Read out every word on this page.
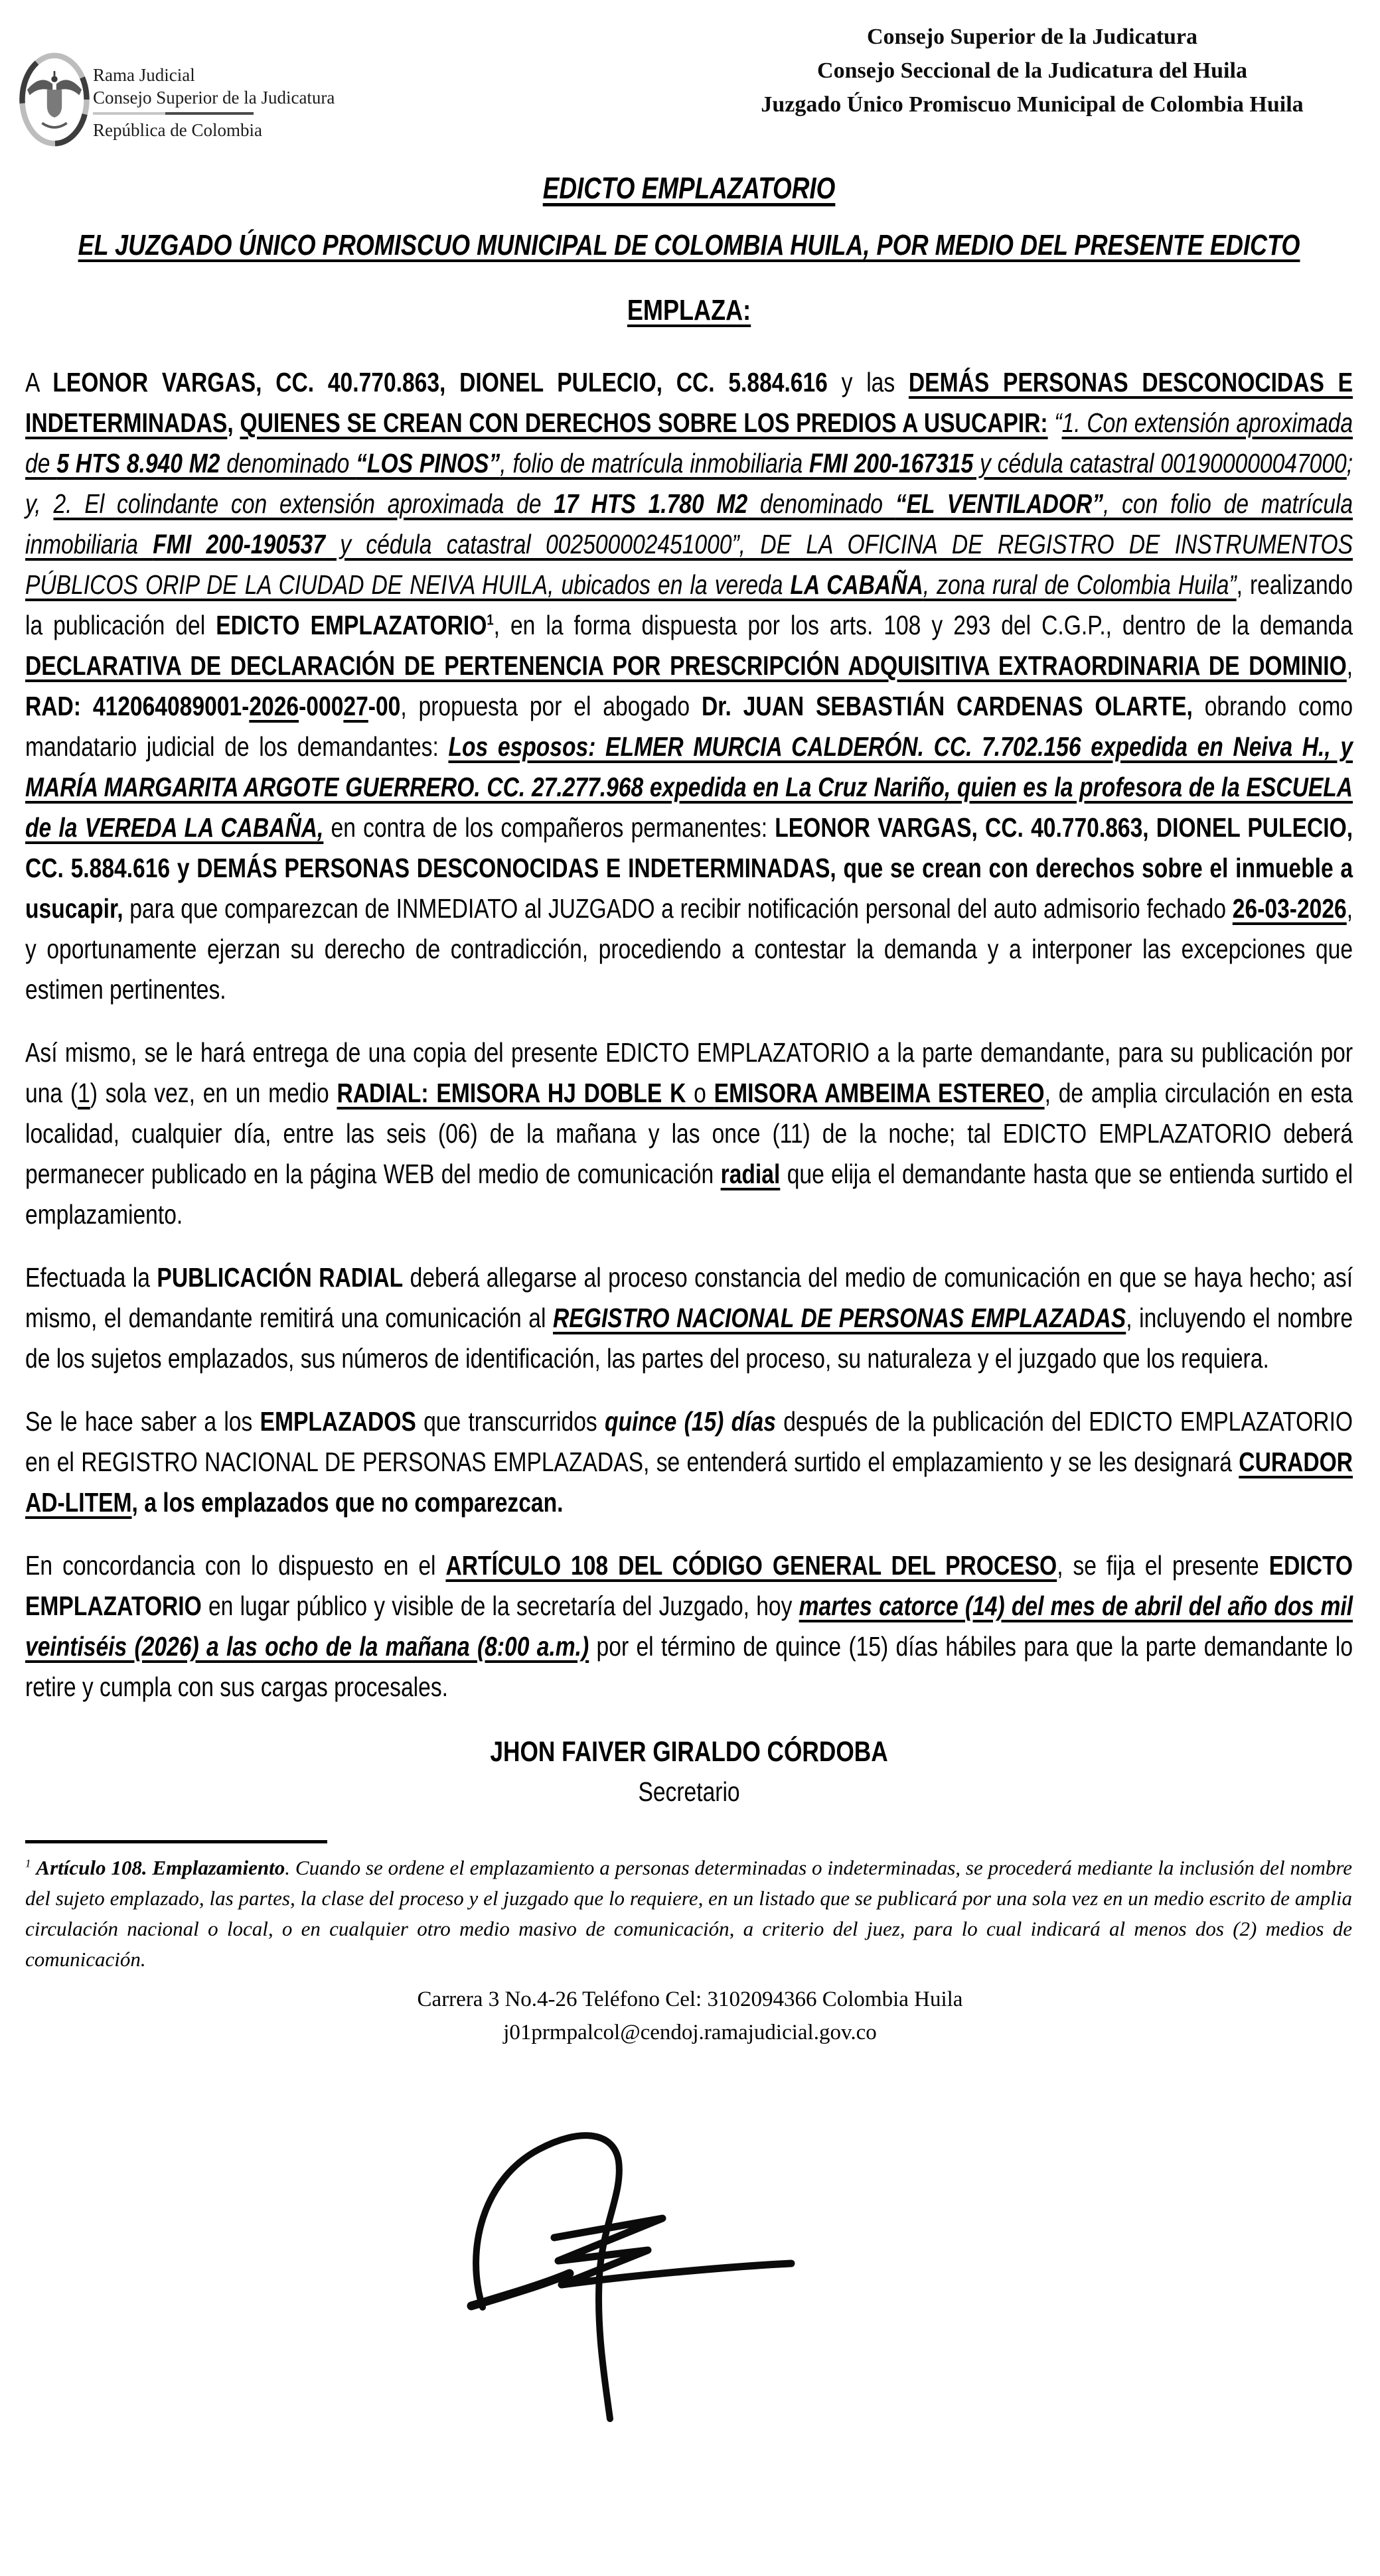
Rama Judicial
Consejo Superior de la Judicatura
República de Colombia
Consejo Superior de la Judicatura
Consejo Seccional de la Judicatura del Huila
Juzgado Único Promiscuo Municipal de Colombia Huila
EDICTO EMPLAZATORIO
EL JUZGADO ÚNICO PROMISCUO MUNICIPAL DE COLOMBIA HUILA, POR MEDIO DEL PRESENTE EDICTO
EMPLAZA:

A LEONOR VARGAS, CC. 40.770.863, DIONEL PULECIO, CC. 5.884.616 y las DEMÁS PERSONAS DESCONOCIDAS E INDETERMINADAS, QUIENES SE CREAN CON DERECHOS SOBRE LOS PREDIOS A USUCAPIR: “1. Con extensión aproximada de 5 HTS 8.940 M2 denominado “LOS PINOS”, folio de matrícula inmobiliaria FMI 200-167315 y cédula catastral 001900000047000; y, 2. El colindante con extensión aproximada de 17 HTS 1.780 M2 denominado “EL VENTILADOR”, con folio de matrícula inmobiliaria FMI 200-190537 y cédula catastral 002500002451000”, DE LA OFICINA DE REGISTRO DE INSTRUMENTOS PÚBLICOS ORIP DE LA CIUDAD DE NEIVA HUILA, ubicados en la vereda LA CABAÑA, zona rural de Colombia Huila”, realizando la publicación del EDICTO EMPLAZATORIO$^1$, en la forma dispuesta por los arts. 108 y 293 del C.G.P., dentro de la demanda DECLARATIVA DE DECLARACIÓN DE PERTENENCIA POR PRESCRIPCIÓN ADQUISITIVA EXTRAORDINARIA DE DOMINIO, RAD: 412064089001-2026-00027-00, propuesta por el abogado Dr. JUAN SEBASTIÁN CARDENAS OLARTE, obrando como mandatario judicial de los demandantes: Los esposos: ELMER MURCIA CALDERÓN. CC. 7.702.156 expedida en Neiva H., y MARÍA MARGARITA ARGOTE GUERRERO. CC. 27.277.968 expedida en La Cruz Nariño, quien es la profesora de la ESCUELA de la VEREDA LA CABAÑA, en contra de los compañeros permanentes: LEONOR VARGAS, CC. 40.770.863, DIONEL PULECIO, CC. 5.884.616 y DEMÁS PERSONAS DESCONOCIDAS E INDETERMINADAS, que se crean con derechos sobre el inmueble a usucapir, para que comparezcan de INMEDIATO al JUZGADO a recibir notificación personal del auto admisorio fechado 26-03-2026, y oportunamente ejerzan su derecho de contradicción, procediendo a contestar la demanda y a interponer las excepciones que estimen pertinentes.

Así mismo, se le hará entrega de una copia del presente EDICTO EMPLAZATORIO a la parte demandante, para su publicación por una (1) sola vez, en un medio RADIAL: EMISORA HJ DOBLE K o EMISORA AMBEIMA ESTEREO, de amplia circulación en esta localidad, cualquier día, entre las seis (06) de la mañana y las once (11) de la noche; tal EDICTO EMPLAZATORIO deberá permanecer publicado en la página WEB del medio de comunicación radial que elija el demandante hasta que se entienda surtido el emplazamiento.

Efectuada la PUBLICACIÓN RADIAL deberá allegarse al proceso constancia del medio de comunicación en que se haya hecho; así mismo, el demandante remitirá una comunicación al REGISTRO NACIONAL DE PERSONAS EMPLAZADAS, incluyendo el nombre de los sujetos emplazados, sus números de identificación, las partes del proceso, su naturaleza y el juzgado que los requiera.

Se le hace saber a los EMPLAZADOS que transcurridos quince (15) días después de la publicación del EDICTO EMPLAZATORIO en el REGISTRO NACIONAL DE PERSONAS EMPLAZADAS, se entenderá surtido el emplazamiento y se les designará CURADOR AD-LITEM, a los emplazados que no comparezcan.

En concordancia con lo dispuesto en el ARTÍCULO 108 DEL CÓDIGO GENERAL DEL PROCESO, se fija el presente EDICTO EMPLAZATORIO en lugar público y visible de la secretaría del Juzgado, hoy martes catorce (14) del mes de abril del año dos mil veintiséis (2026) a las ocho de la mañana (8:00 a.m.) por el término de quince (15) días hábiles para que la parte demandante lo retire y cumpla con sus cargas procesales.

JHON FAIVER GIRALDO CÓRDOBA
Secretario

$^1$ Artículo 108. Emplazamiento. Cuando se ordene el emplazamiento a personas determinadas o indeterminadas, se procederá mediante la inclusión del nombre del sujeto emplazado, las partes, la clase del proceso y el juzgado que lo requiere, en un listado que se publicará por una sola vez en un medio escrito de amplia circulación nacional o local, o en cualquier otro medio masivo de comunicación, a criterio del juez, para lo cual indicará al menos dos (2) medios de comunicación.

Carrera 3 No.4-26 Teléfono Cel: 3102094366 Colombia Huila
j01prmpalcol@cendoj.ramajudicial.gov.co
